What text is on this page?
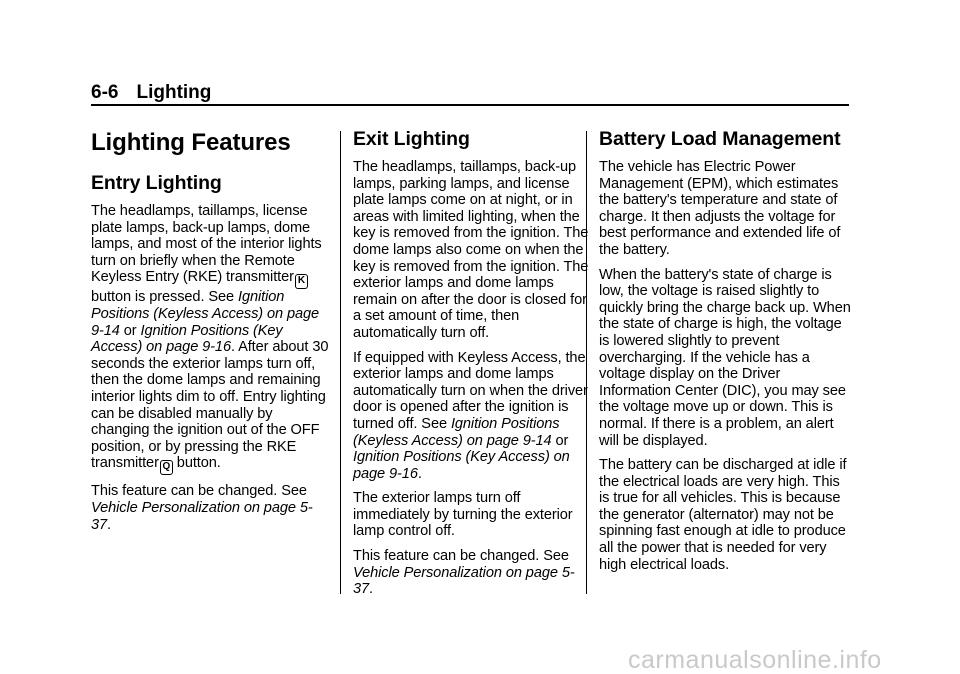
6-6 Lighting
Lighting Features
Entry Lighting

The headlamps, taillamps, license plate lamps, back-up lamps, dome lamps, and most of the interior lights turn on briefly when the Remote Keyless Entry (RKE) transmitter K button is pressed. See Ignition Positions (Keyless Access) on page 9-14 or Ignition Positions (Key Access) on page 9-16. After about 30 seconds the exterior lamps turn off, then the dome lamps and remaining interior lights dim to off. Entry lighting can be disabled manually by changing the ignition out of the OFF position, or by pressing the RKE transmitter Q button.

This feature can be changed. See Vehicle Personalization on page 5-37.

Exit Lighting

The headlamps, taillamps, back-up lamps, parking lamps, and license plate lamps come on at night, or in areas with limited lighting, when the key is removed from the ignition. The dome lamps also come on when the key is removed from the ignition. The exterior lamps and dome lamps remain on after the door is closed for a set amount of time, then automatically turn off.

If equipped with Keyless Access, the exterior lamps and dome lamps automatically turn on when the driver door is opened after the ignition is turned off. See Ignition Positions (Keyless Access) on page 9-14 or Ignition Positions (Key Access) on page 9-16.

The exterior lamps turn off immediately by turning the exterior lamp control off.

This feature can be changed. See Vehicle Personalization on page 5-37.

Battery Load Management

The vehicle has Electric Power Management (EPM), which estimates the battery's temperature and state of charge. It then adjusts the voltage for best performance and extended life of the battery.

When the battery's state of charge is low, the voltage is raised slightly to quickly bring the charge back up. When the state of charge is high, the voltage is lowered slightly to prevent overcharging. If the vehicle has a voltage display on the Driver Information Center (DIC), you may see the voltage move up or down. This is normal. If there is a problem, an alert will be displayed.

The battery can be discharged at idle if the electrical loads are very high. This is true for all vehicles. This is because the generator (alternator) may not be spinning fast enough at idle to produce all the power that is needed for very high electrical loads.

carmanualsonline.info
